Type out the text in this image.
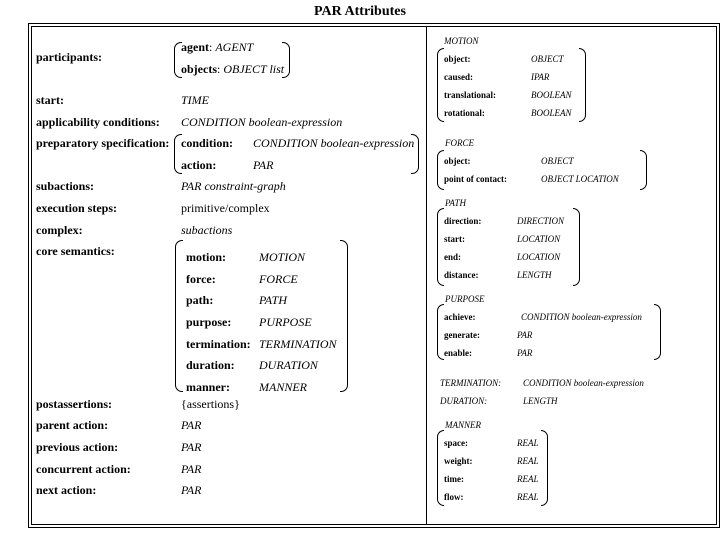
PAR Attributes
participants:
agent: AGENT
objects: OBJECT list
start:	TIME
applicability conditions: CONDITION boolean-expression
preparatory specification: condition: CONDITION boolean-expression
action:	PAR
subactions:	PAR constraint-graph
execution steps:	primitive/complex
complex:	subactions
core semantics:	motion:	MOTION
force:	FORCE
path:	PATH
purpose: PURPOSE
termination: TERMINATION
duration: DURATION
manner: MANNER
postassertions:	{assertions}
parent action:	PAR
previous action:	PAR
concurrent action:	PAR
next action:	PAR
MOTION
object:	OBJECT
caused:	IPAR
translational:	BOOLEAN
rotational:	BOOLEAN
FORCE
object:	OBJECT
point of contact:	OBJECT LOCATION
PATH
direction:	DIRECTION
start:	LOCATION
end:	LOCATION
distance:	LENGTH
PURPOSE
achieve:	CONDITION boolean-expression
generate:	PAR
enable:	PAR
TERMINATION: CONDITION boolean-expression
DURATION:	LENGTH
MANNER
space:	REAL
weight:	REAL
time:	REAL
flow:	REAL
